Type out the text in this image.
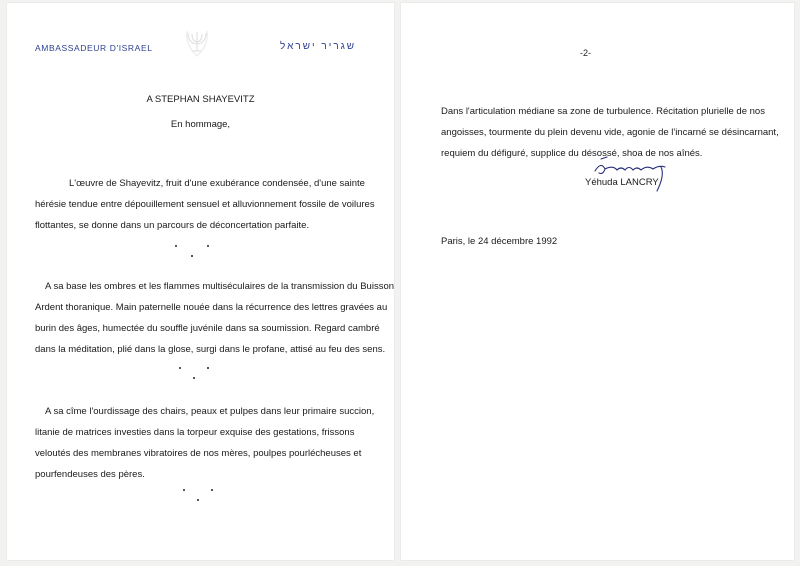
AMBASSADEUR D'ISRAEL	שגריר ישראל
A STEPHAN SHAYEVITZ
En hommage,
L'œuvre de Shayevitz, fruit d'une exubérance condensée, d'une sainte
hérésie tendue entre dépouillement sensuel et alluvionnement fossile de voilures
flottantes, se donne dans un parcours de déconcertation parfaite.
A sa base les ombres et les flammes multiséculaires de la transmission du Buisson
Ardent thoranique. Main paternelle nouée dans la récurrence des lettres gravées au
burin des âges, humectée du souffle juvénile dans sa soumission. Regard cambré
dans la méditation, plié dans la glose, surgi dans le profane, attisé au feu des sens.
A sa cîme l'ourdissage des chairs, peaux et pulpes dans leur primaire succion,
litanie de matrices investies dans la torpeur exquise des gestations, frissons
veloutés des membranes vibratoires de nos mères, poulpes pourlécheuses et
pourfendeuses des pères.
-2-
Dans l'articulation médiane sa zone de turbulence. Récitation plurielle de nos
angoisses, tourmente du plein devenu vide, agonie de l'incarné se désincarnant,
requiem du défiguré, supplice du désossé, shoa de nos aînés.
Yéhuda LANCRY
Paris, le 24 décembre 1992
